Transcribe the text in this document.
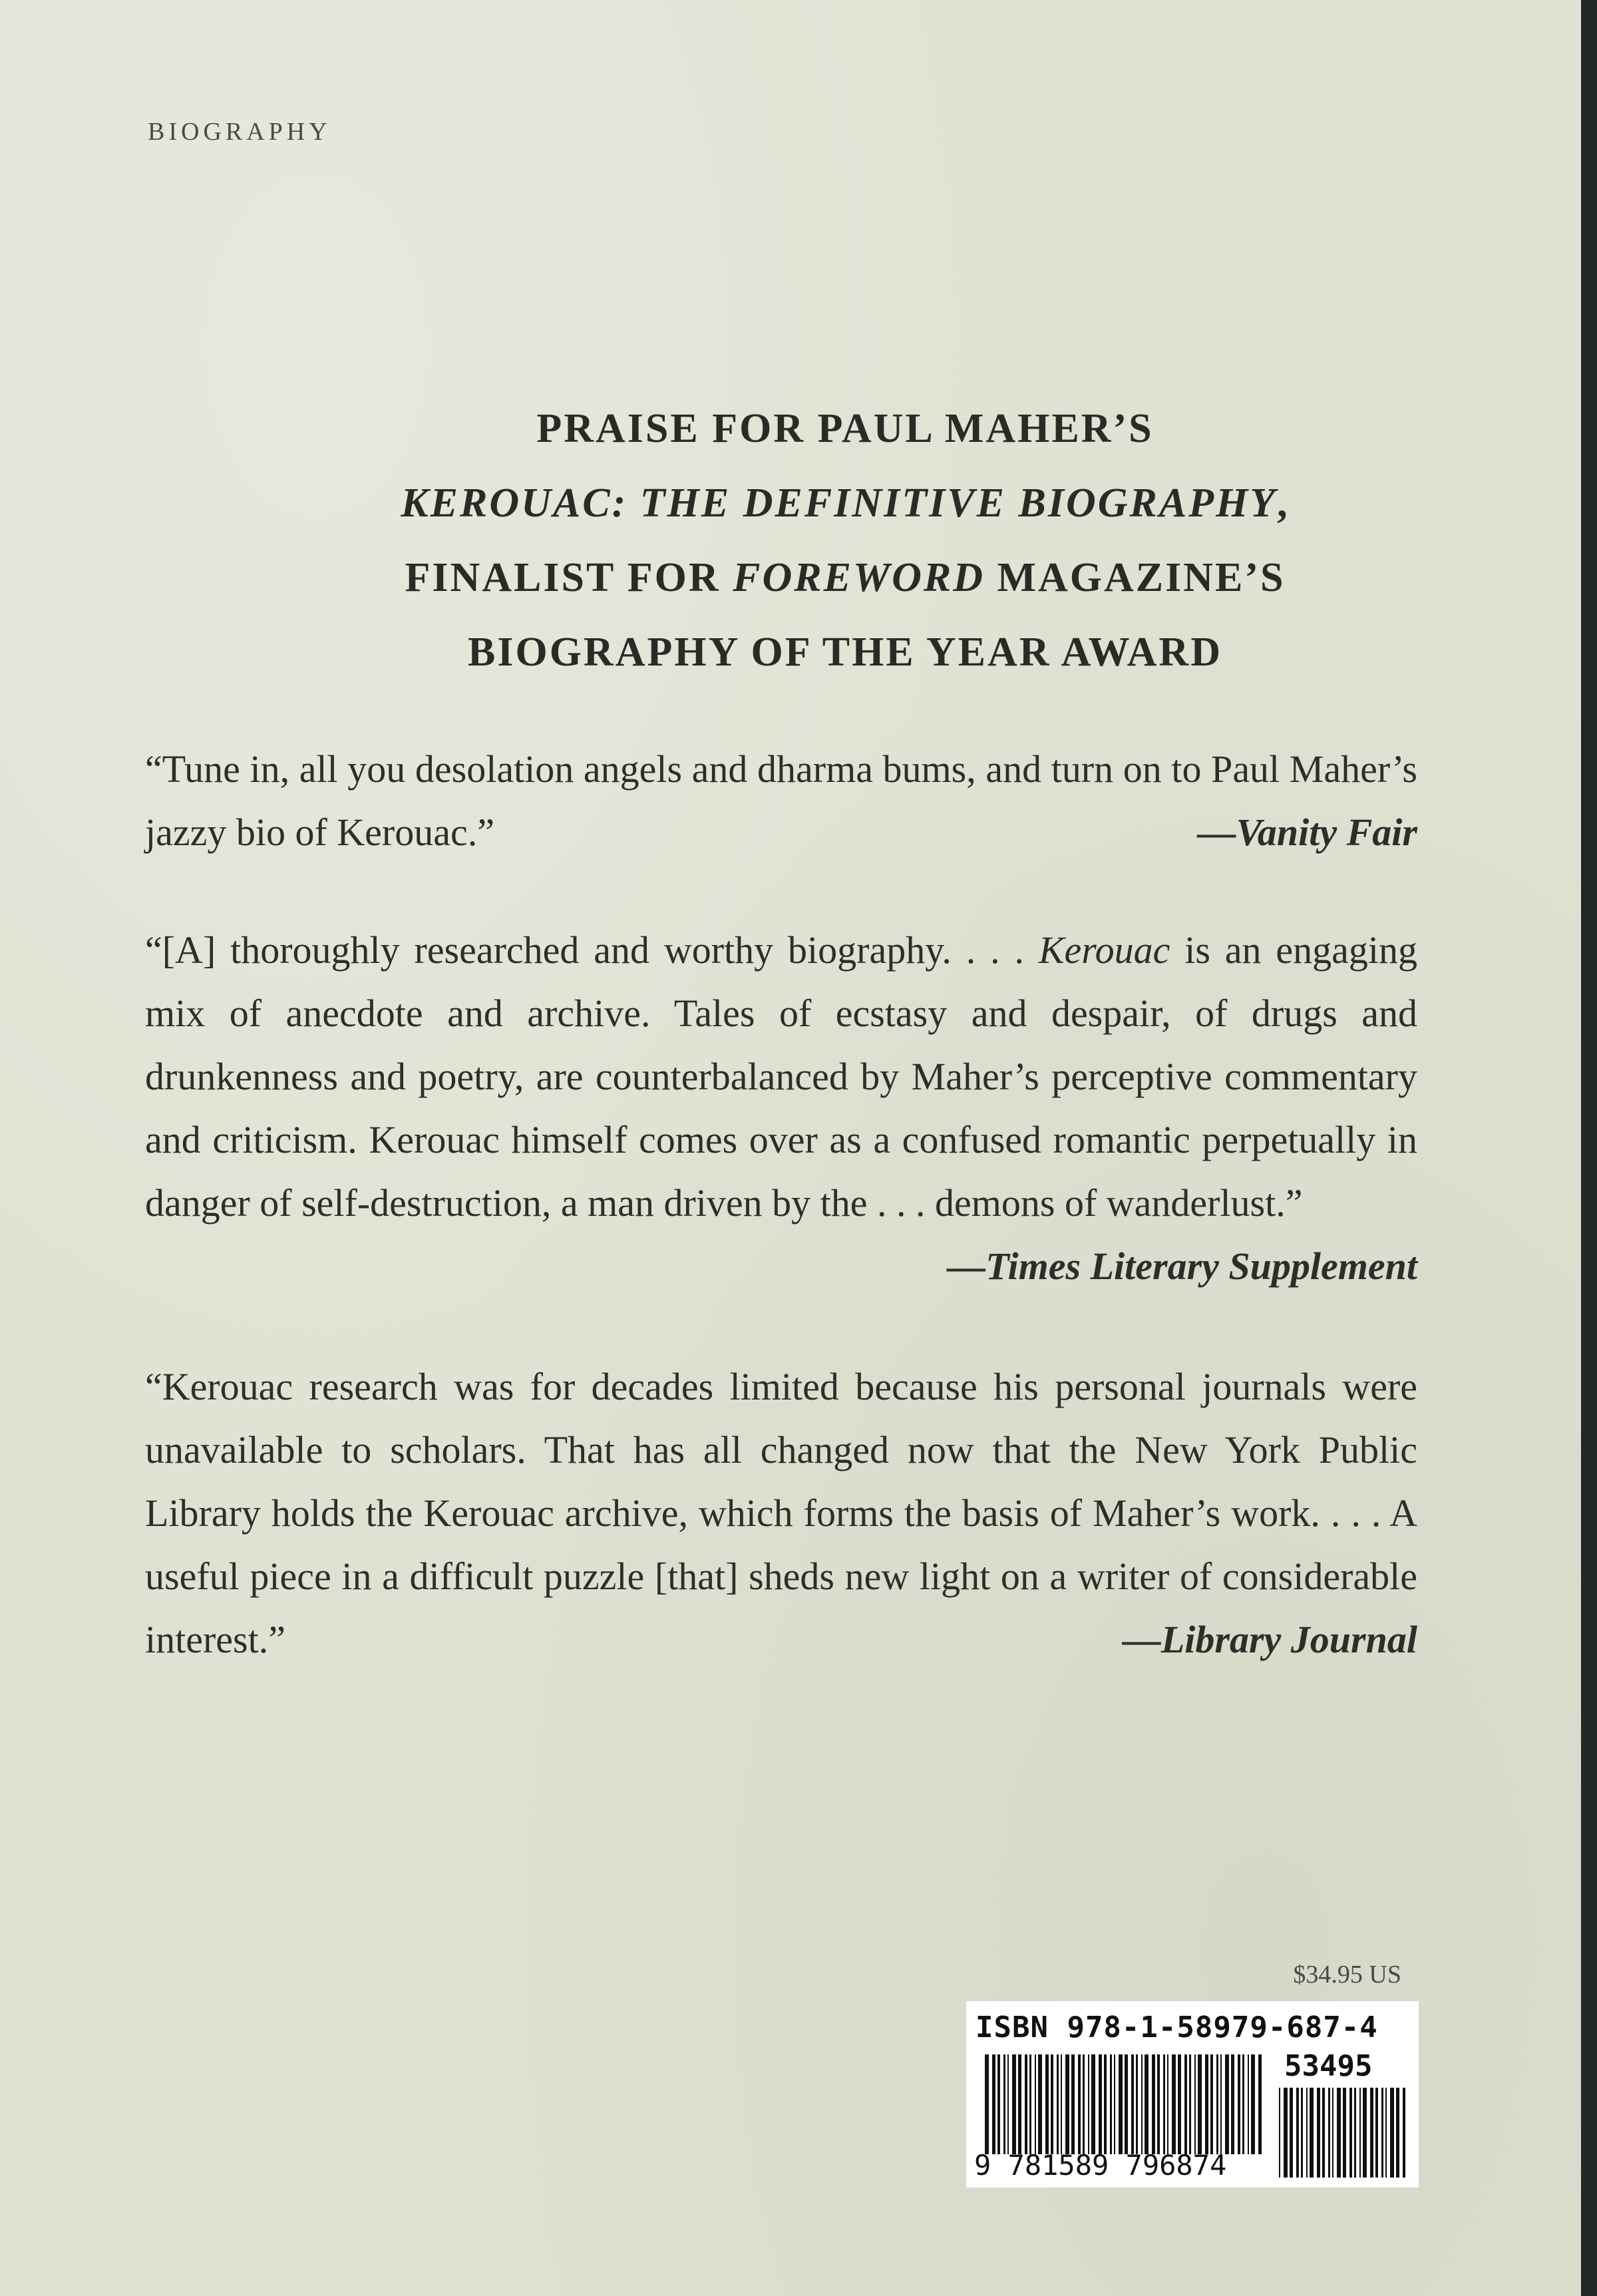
BIOGRAPHY
PRAISE FOR PAUL MAHER’S
KEROUAC: THE DEFINITIVE BIOGRAPHY,
FINALIST FOR FOREWORD MAGAZINE’S
BIOGRAPHY OF THE YEAR AWARD
“Tune in, all you desolation angels and dharma bums, and turn on to Paul Maher’s jazzy bio of Kerouac.”	—Vanity Fair
“[A] thoroughly researched and worthy biography. . . . Kerouac is an engaging mix of anecdote and archive. Tales of ecstasy and despair, of drugs and drunkenness and poetry, are counterbalanced by Maher’s perceptive commentary and criticism. Kerouac himself comes over as a confused romantic perpetually in danger of self-destruction, a man driven by the . . . demons of wanderlust.”
—Times Literary Supplement
“Kerouac research was for decades limited because his personal journals were unavailable to scholars. That has all changed now that the New York Public Library holds the Kerouac archive, which forms the basis of Maher’s work. . . . A useful piece in a difficult puzzle [that] sheds new light on a writer of considerable interest.”	—Library Journal
$34.95 US
ISBN 978-1-58979-687-4
53495
9 781589 796874
